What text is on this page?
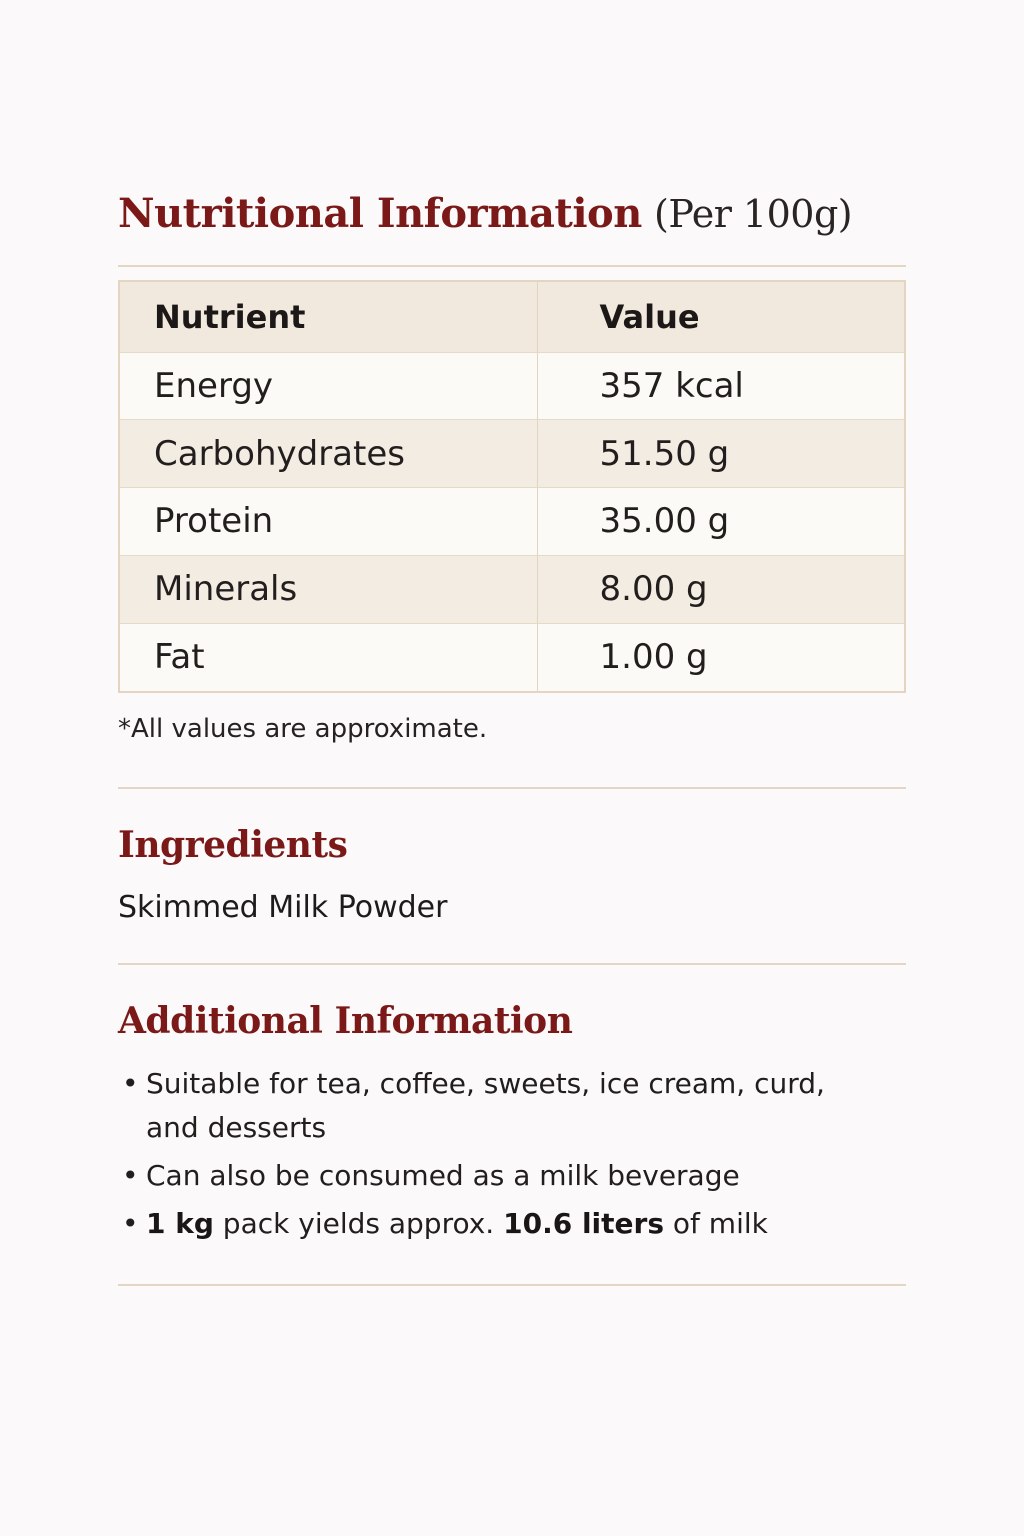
Nutritional Information (Per 100g)
Nutrient	Value
Energy	357 kcal
Carbohydrates	51.50 g
Protein	35.00 g
Minerals	8.00 g
Fat	1.00 g

*All values are approximate.

Ingredients

Skimmed Milk Powder

Additional Information
• Suitable for tea, coffee, sweets, ice cream, curd, and desserts
• Can also be consumed as a milk beverage
• 1 kg pack yields approx. 10.6 liters of milk
